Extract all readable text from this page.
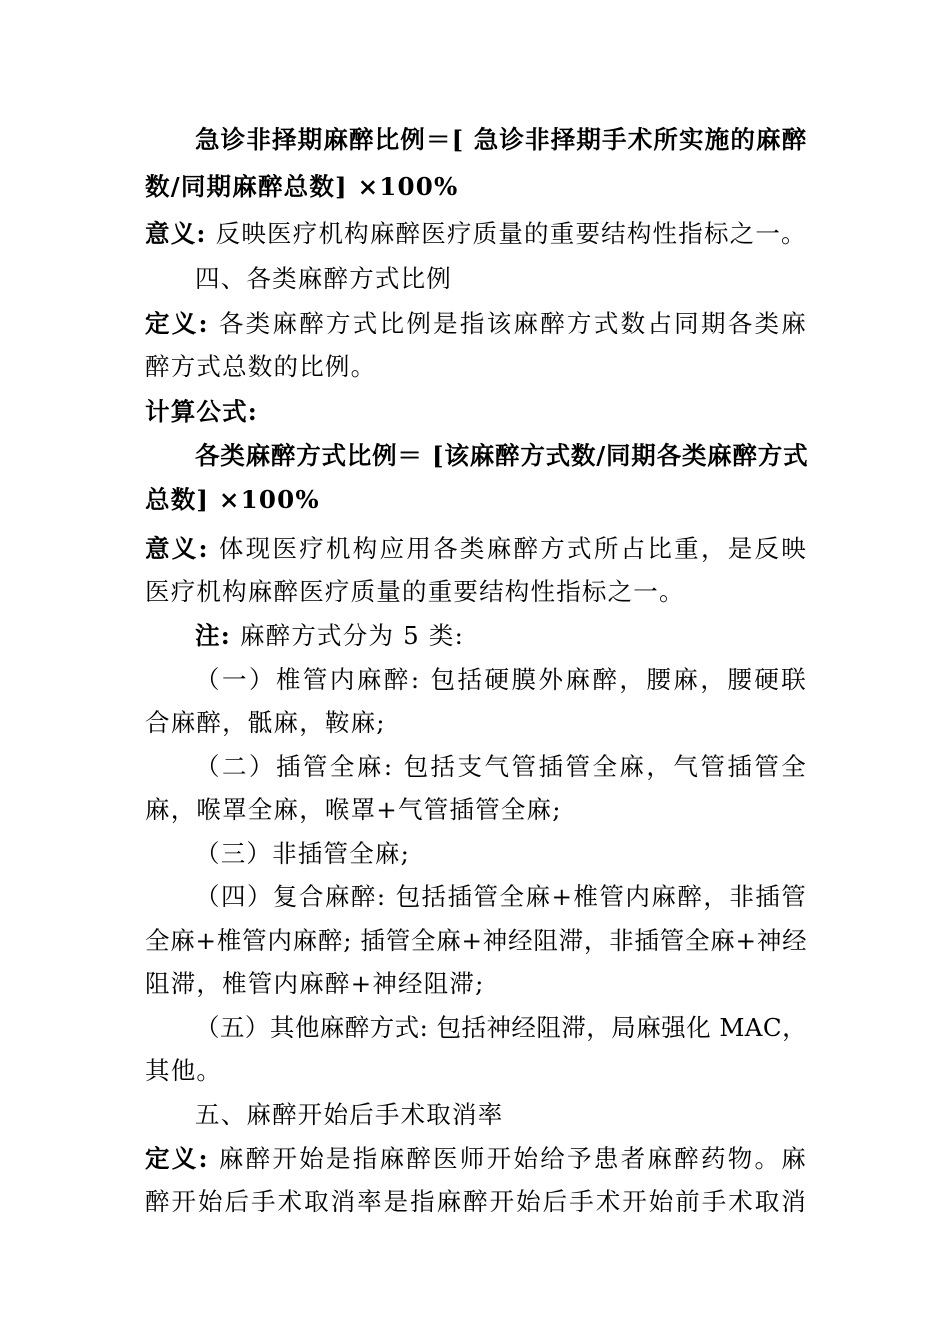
急诊非择期麻醉比例＝[ 急诊非择期手术所实施的麻醉
数/同期麻醉总数] ×100%
意义: 反映医疗机构麻醉医疗质量的重要结构性指标之一。
四、各类麻醉方式比例
定义: 各类麻醉方式比例是指该麻醉方式数占同期各类麻
醉方式总数的比例。
计算公式:
各类麻醉方式比例＝ [该麻醉方式数/同期各类麻醉方式
总数] ×100%
意义: 体现医疗机构应用各类麻醉方式所占比重，是反映
医疗机构麻醉医疗质量的重要结构性指标之一。
注: 麻醉方式分为 5 类:
（一）椎管内麻醉: 包括硬膜外麻醉，腰麻，腰硬联
合麻醉，骶麻，鞍麻;
（二）插管全麻: 包括支气管插管全麻，气管插管全
麻，喉罩全麻，喉罩+气管插管全麻;
（三）非插管全麻;
（四）复合麻醉: 包括插管全麻+椎管内麻醉，非插管
全麻+椎管内麻醉; 插管全麻+神经阻滞，非插管全麻+神经
阻滞，椎管内麻醉+神经阻滞;
（五）其他麻醉方式: 包括神经阻滞，局麻强化 MAC，
其他。
五、麻醉开始后手术取消率
定义: 麻醉开始是指麻醉医师开始给予患者麻醉药物。麻
醉开始后手术取消率是指麻醉开始后手术开始前手术取消
